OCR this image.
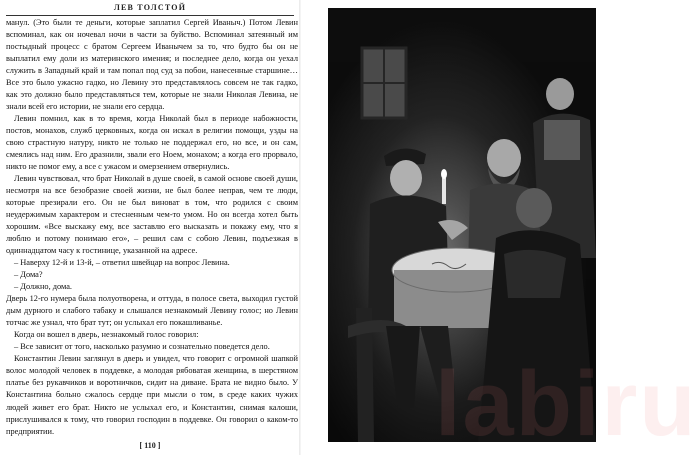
ЛЕВ ТОЛСТОЙ

манул. (Это были те деньги, которые заплатил Сергей Иваныч.) Потом Левин вспоминал, как он ночевал ночи в части за буйство. Вспоминал затеянный им постыдный процесс с братом Сергеем Иванычем за то, что будто бы он не выплатил ему доли из материнского имения; и последнее дело, когда он уехал служить в Западный край и там попал под суд за побои, нанесенные старшине… Все это было ужасно гадко, но Левину это представлялось совсем не так гадко, как это должно было представляться тем, которые не знали Николая Левина, не знали всей его истории, не знали его сердца.

Левин помнил, как в то время, когда Николай был в периоде набожности, постов, монахов, служб церковных, когда он искал в религии помощи, узды на свою страстную натуру, никто не только не поддержал его, но все, и он сам, смеялись над ним. Его дразнили, звали его Ноем, монахом; а когда его прорвало, никто не помог ему, а все с ужасом и омерзением отвернулись.

Левин чувствовал, что брат Николай в душе своей, в самой основе своей души, несмотря на все безобразие своей жизни, не был более неправ, чем те люди, которые презирали его. Он не был виноват в том, что родился с своим неудержимым характером и стесненным чем-то умом. Но он всегда хотел быть хорошим. «Все выскажу ему, все заставлю его высказать и покажу ему, что я люблю и потому понимаю его», – решил сам с собою Левин, подъезжая в одиннадцатом часу к гостинице, указанной на адресе.

– Наверху 12-й и 13-й, – ответил швейцар на вопрос Левина.

– Дома?

– Должно, дома.

Дверь 12-го нумера была полуотворена, и оттуда, в полосе света, выходил густой дым дурного и слабого табаку и слышался незнакомый Левину голос; но Левин тотчас же узнал, что брат тут; он услыхал его покашливанье.

Когда он вошел в дверь, незнакомый голос говорил:

– Все зависит от того, насколько разумно и сознательно поведется дело.

Константин Левин заглянул в дверь и увидел, что говорит с огромной шапкой волос молодой человек в поддевке, а молодая рябоватая женщина, в шерстяном платье без рукавчиков и воротничков, сидит на диване. Брата не видно было. У Константина больно сжалось сердце при мысли о том, в среде каких чужих людей живет его брат. Никто не услыхал его, и Константин, снимая калоши, прислушивался к тому, что говорил господин в поддевке. Он говорил о каком-то предприятии.

[ 110 ]	labiru
